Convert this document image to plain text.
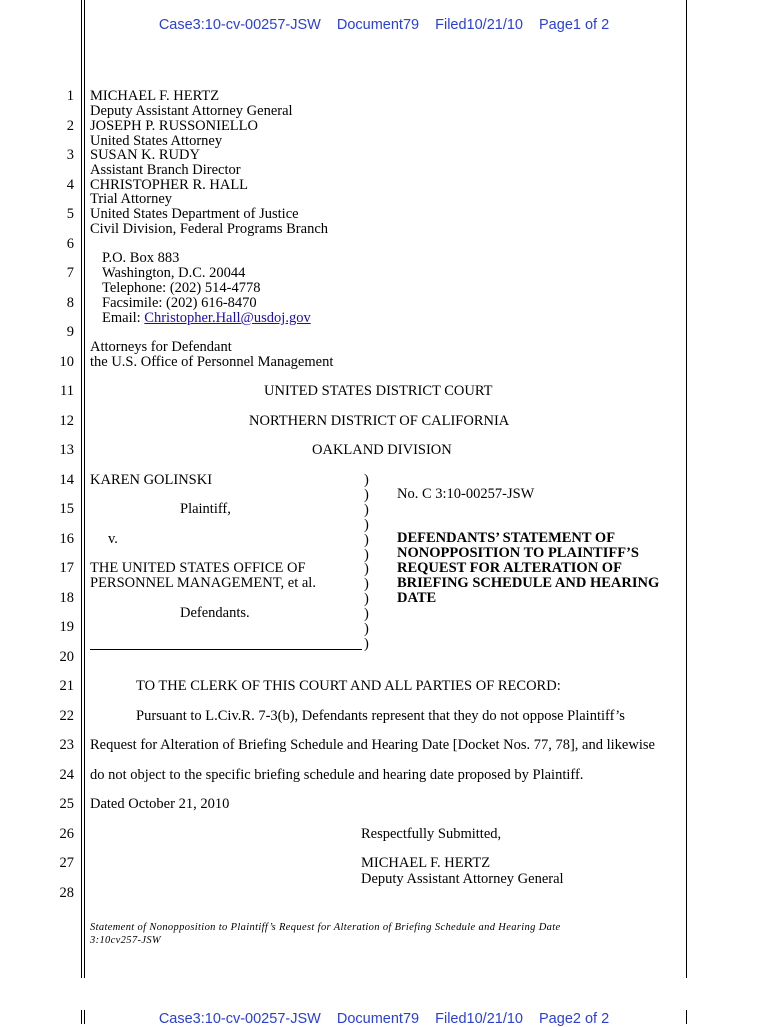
Case3:10-cv-00257-JSW Document79 Filed10/21/10 Page1 of 2
1
2
3
4
5
6
7
8
9
10
11
12
13
14
15
16
17
18
19
20
21
22
23
24
25
26
27
28
MICHAEL F. HERTZ
Deputy Assistant Attorney General
JOSEPH P. RUSSONIELLO
United States Attorney
SUSAN K. RUDY
Assistant Branch Director
CHRISTOPHER R. HALL
Trial Attorney
United States Department of Justice
Civil Division, Federal Programs Branch
P.O. Box 883
Washington, D.C. 20044
Telephone: (202) 514-4778
Facsimile: (202) 616-8470
Email: Christopher.Hall@usdoj.gov
Attorneys for Defendant
the U.S. Office of Personnel Management
UNITED STATES DISTRICT COURT
NORTHERN DISTRICT OF CALIFORNIA
OAKLAND DIVISION
KAREN GOLINSKI
Plaintiff,
v.
THE UNITED STATES OFFICE OF
PERSONNEL MANAGEMENT, et al.
Defendants.
)
)
)
)
)
)
)
)
)
)
)
)
No. C 3:10-00257-JSW
DEFENDANTS’ STATEMENT OF
NONOPPOSITION TO PLAINTIFF’S
REQUEST FOR ALTERATION OF
BRIEFING SCHEDULE AND HEARING
DATE
TO THE CLERK OF THIS COURT AND ALL PARTIES OF RECORD:
Pursuant to L.Civ.R. 7-3(b), Defendants represent that they do not oppose Plaintiff’s
Request for Alteration of Briefing Schedule and Hearing Date [Docket Nos. 77, 78], and likewise
do not object to the specific briefing schedule and hearing date proposed by Plaintiff.
Dated October 21, 2010
Respectfully Submitted,
MICHAEL F. HERTZ
Deputy Assistant Attorney General
Statement of Nonopposition to Plaintiff’s Request for Alteration of Briefing Schedule and Hearing Date
3:10cv257-JSW
Case3:10-cv-00257-JSW Document79 Filed10/21/10 Page2 of 2
